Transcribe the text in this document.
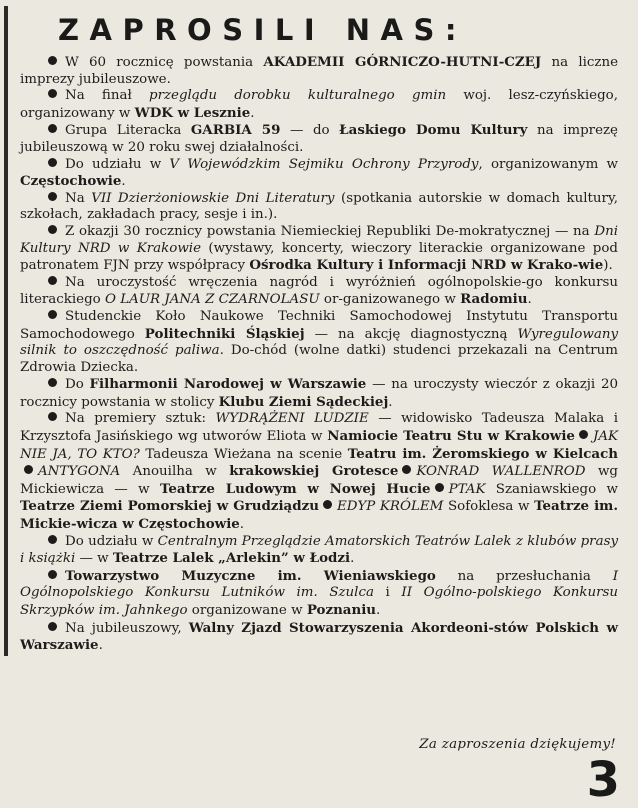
ZAPROSILI NAS:

W 60 rocznicę powstania AKADEMII GÓRNICZO-HUTNI-CZEJ na liczne imprezy jubileuszowe.

Na finał przeglądu dorobku kulturalnego gmin woj. lesz-czyńskiego, organizowany w WDK w Lesznie.

Grupa Literacka GARBIA 59 — do Łaskiego Domu Kultury na imprezę jubileuszową w 20 roku swej działalności.

Do udziału w V Wojewódzkim Sejmiku Ochrony Przyrody, organizowanym w Częstochowie.

Na VII Dzierżoniowskie Dni Literatury (spotkania autorskie w domach kultury, szkołach, zakładach pracy, sesje i in.).

Z okazji 30 rocznicy powstania Niemieckiej Republiki De-mokratycznej — na Dni Kultury NRD w Krakowie (wystawy, koncerty, wieczory literackie organizowane pod patronatem FJN przy współpracy Ośrodka Kultury i Informacji NRD w Krako-wie).

Na uroczystość wręczenia nagród i wyróżnień ogólnopolskie-go konkursu literackiego O LAUR JANA Z CZARNOLASU or-ganizowanego w Radomiu.

Studenckie Koło Naukowe Techniki Samochodowej Instytutu Transportu Samochodowego Politechniki Śląskiej — na akcję diagnostyczną Wyregulowany silnik to oszczędność paliwa. Do-chód (wolne datki) studenci przekazali na Centrum Zdrowia Dziecka.

Do Filharmonii Narodowej w Warszawie — na uroczysty wieczór z okazji 20 rocznicy powstania w stolicy Klubu Ziemi Sądeckiej.

Na premiery sztuk: WYDRĄŻENI LUDZIE — widowisko Tadeusza Malaka i Krzysztofa Jasińskiego wg utworów Eliota w Namiocie Teatru Stu w Krakowie JAK NIE JA, TO KTO? Tadeusza Wieżana na scenie Teatru im. Żeromskiego w KielcachANTYGONA Anouilha w krakowskiej Grotesce KONRAD WALLENROD wg Mickiewicza — w Teatrze Ludowym w Nowej Hucie PTAK Szaniawskiego w Teatrze Ziemi Pomorskiej w Grudziądzu EDYP KRÓLEM Sofoklesa w Teatrze im. Mickie-wicza w Częstochowie.

Do udziału w Centralnym Przeglądzie Amatorskich Teatrów Lalek z klubów prasy i książki — w Teatrze Lalek „Arlekin” w Łodzi.

Towarzystwo Muzyczne im. Wieniawskiego na przesłuchania I Ogólnopolskiego Konkursu Lutników im. Szulca i II Ogólno-polskiego Konkursu Skrzypków im. Jahnkego organizowane w Poznaniu.

Na jubileuszowy, Walny Zjazd Stowarzyszenia Akordeoni-stów Polskich w Warszawie.

Za zaproszenia dziękujemy!
3
